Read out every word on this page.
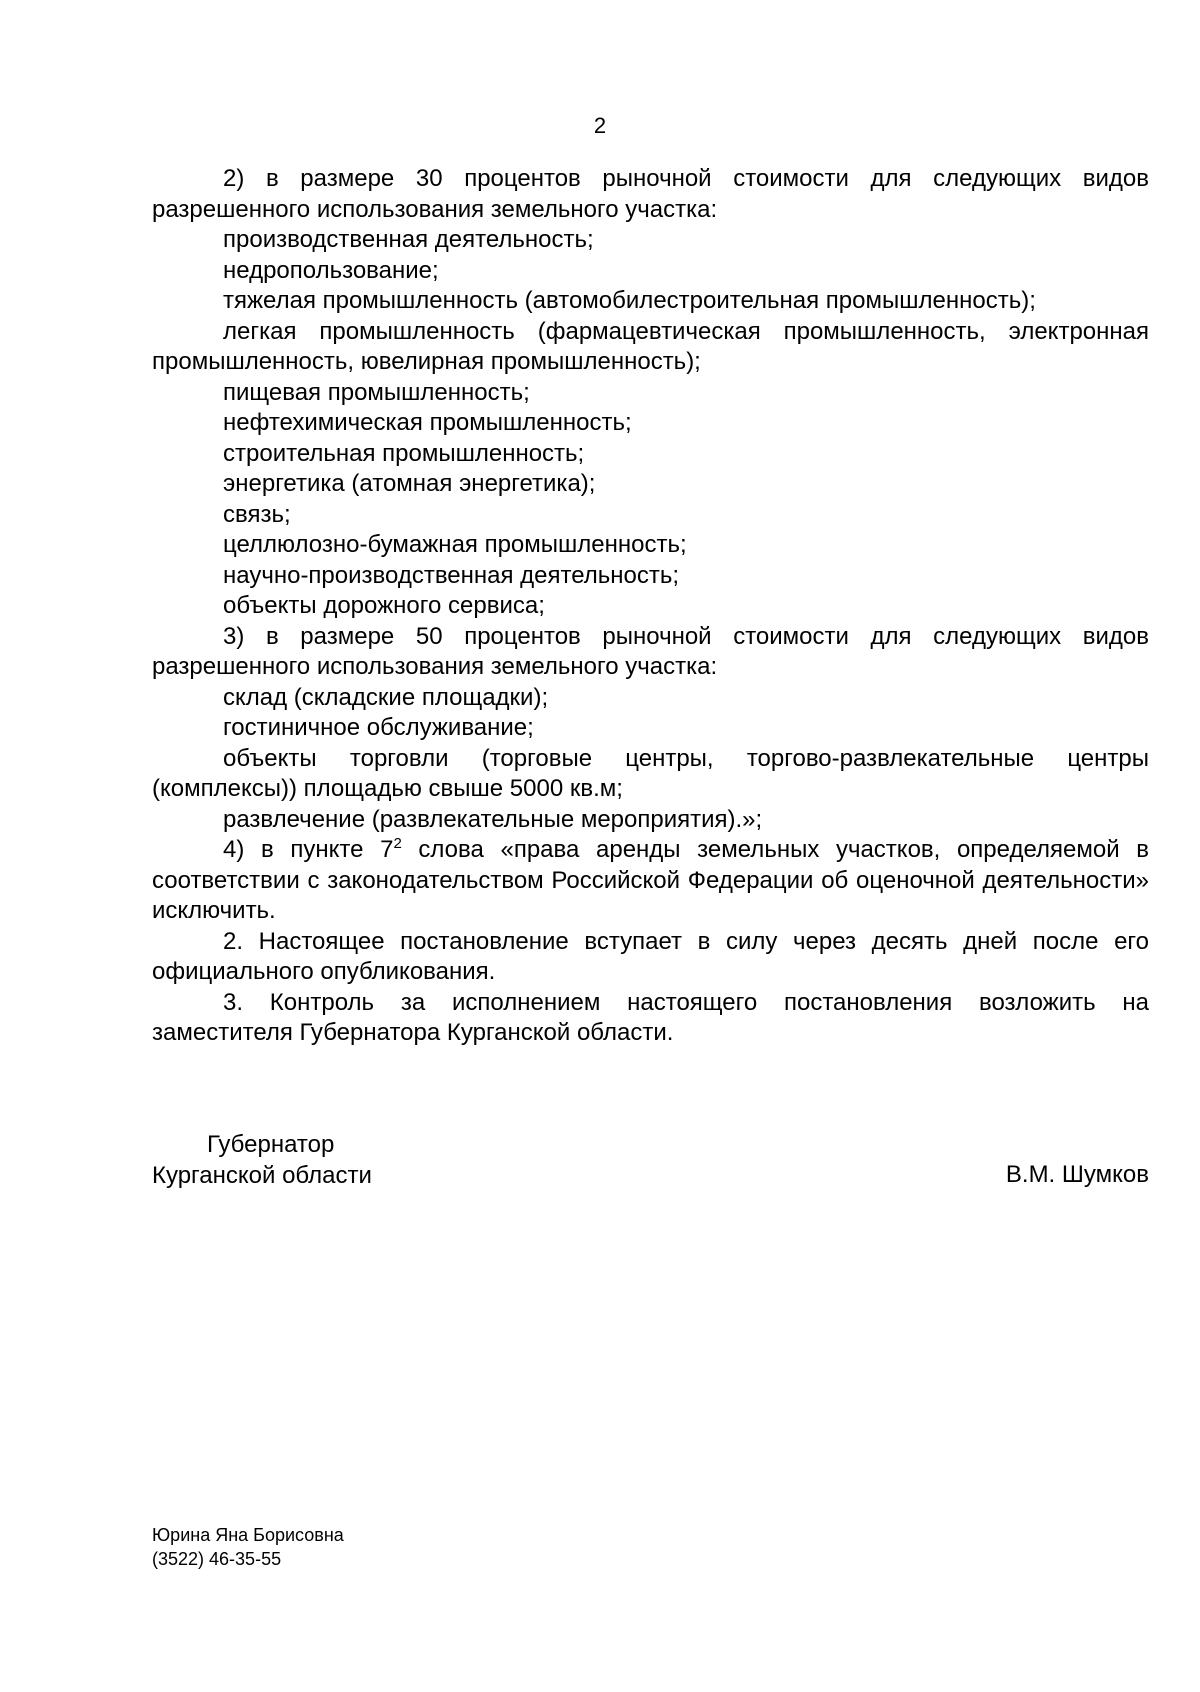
2

2) в размере 30 процентов рыночной стоимости для следующих видов разрешенного использования земельного участка:

производственная деятельность;

недропользование;

тяжелая промышленность (автомобилестроительная промышленность);

легкая промышленность (фармацевтическая промышленность, электронная промышленность, ювелирная промышленность);

пищевая промышленность;

нефтехимическая промышленность;

строительная промышленность;

энергетика (атомная энергетика);

связь;

целлюлозно-бумажная промышленность;

научно-производственная деятельность;

объекты дорожного сервиса;

3) в размере 50 процентов рыночной стоимости для следующих видов разрешенного использования земельного участка:

склад (складские площадки);

гостиничное обслуживание;

объекты торговли (торговые центры, торгово-развлекательные центры (комплексы)) площадью свыше 5000 кв.м;

развлечение (развлекательные мероприятия).»;

4) в пункте $7^2$ слова «права аренды земельных участков, определяемой в соответствии с законодательством Российской Федерации об оценочной деятельности» исключить.

2. Настоящее постановление вступает в силу через десять дней после его официального опубликования.

3. Контроль за исполнением настоящего постановления возложить на заместителя Губернатора Курганской области.

Губернатор

Курганской области	В.М. Шумков

Юрина Яна Борисовна

(3522) 46-35-55
